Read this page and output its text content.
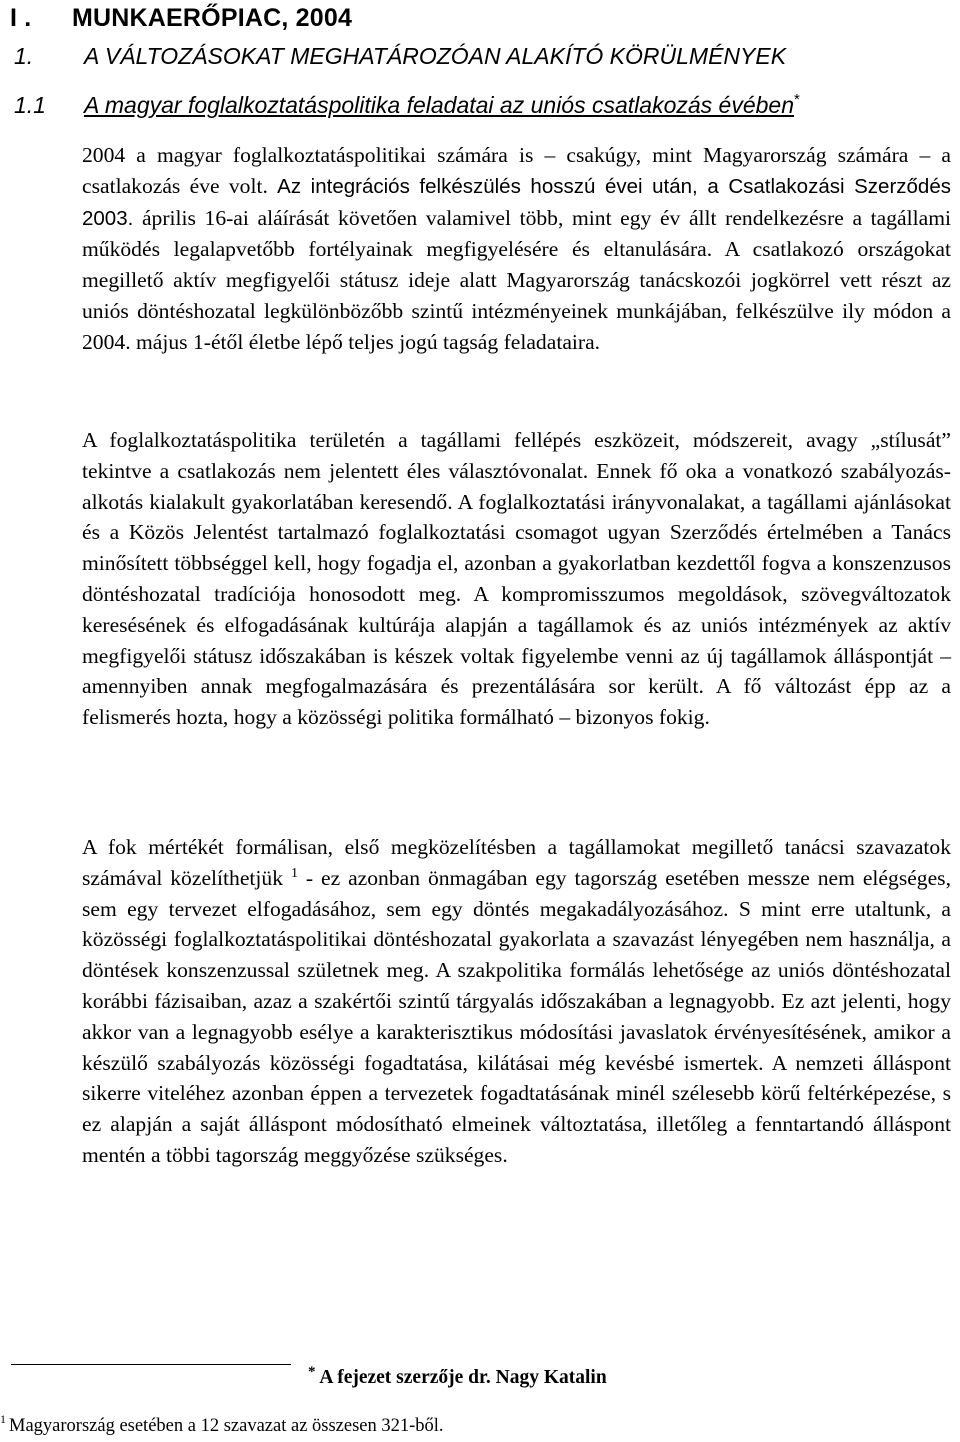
I . MUNKAERŐPIAC, 2004
1. A VÁLTOZÁSOKAT MEGHATÁROZÓAN ALAKÍTÓ KÖRÜLMÉNYEK
1.1 A magyar foglalkoztatáspolitika feladatai az uniós csatlakozás évében*

2004 a magyar foglalkoztatáspolitikai számára is – csakúgy, mint Magyarország számára – a csatlakozás éve volt. Az integrációs felkészülés hosszú évei után, a Csatlakozási Szerződés 2003. április 16-ai aláírását követően valamivel több, mint egy év állt rendelkezésre a tagállami működés legalapvetőbb fortélyainak megfigyelésére és eltanulására. A csatlakozó országokat megillető aktív megfigyelői státusz ideje alatt Magyarország tanácskozói jogkörrel vett részt az uniós döntéshozatal legkülönbözőbb szintű intézményeinek munkájában, felkészülve ily módon a 2004. május 1-étől életbe lépő teljes jogú tagság feladataira.

A foglalkoztatáspolitika területén a tagállami fellépés eszközeit, módszereit, avagy „stílusát” tekintve a csatlakozás nem jelentett éles választóvonalat. Ennek fő oka a vonatkozó szabályozás-alkotás kialakult gyakorlatában keresendő. A foglalkoztatási irányvonalakat, a tagállami ajánlásokat és a Közös Jelentést tartalmazó foglalkoztatási csomagot ugyan Szerződés értelmében a Tanács minősített többséggel kell, hogy fogadja el, azonban a gyakorlatban kezdettől fogva a konszenzusos döntéshozatal tradíciója honosodott meg. A kompromisszumos megoldások, szövegváltozatok keresésének és elfogadásának kultúrája alapján a tagállamok és az uniós intézmények az aktív megfigyelői státusz időszakában is készek voltak figyelembe venni az új tagállamok álláspontját – amennyiben annak megfogalmazására és prezentálására sor került. A fő változást épp az a felismerés hozta, hogy a közösségi politika formálható – bizonyos fokig.

A fok mértékét formálisan, első megközelítésben a tagállamokat megillető tanácsi szavazatok számával közelíthetjük $^1$ - ez azonban önmagában egy tagország esetében messze nem elégséges, sem egy tervezet elfogadásához, sem egy döntés megakadályozásához. S mint erre utaltunk, a közösségi foglalkoztatáspolitikai döntéshozatal gyakorlata a szavazást lényegében nem használja, a döntések konszenzussal születnek meg. A szakpolitika formálás lehetősége az uniós döntéshozatal korábbi fázisaiban, azaz a szakértői szintű tárgyalás időszakában a legnagyobb. Ez azt jelenti, hogy akkor van a legnagyobb esélye a karakterisztikus módosítási javaslatok érvényesítésének, amikor a készülő szabályozás közösségi fogadtatása, kilátásai még kevésbé ismertek. A nemzeti álláspont sikerre viteléhez azonban éppen a tervezetek fogadtatásának minél szélesebb körű feltérképezése, s ez alapján a saját álláspont módosítható elmeinek változtatása, illetőleg a fenntartandó álláspont mentén a többi tagország meggyőzése szükséges.

* A fejezet szerzője dr. Nagy Katalin
$^1$ Magyarország esetében a 12 szavazat az összesen 321-ből.
